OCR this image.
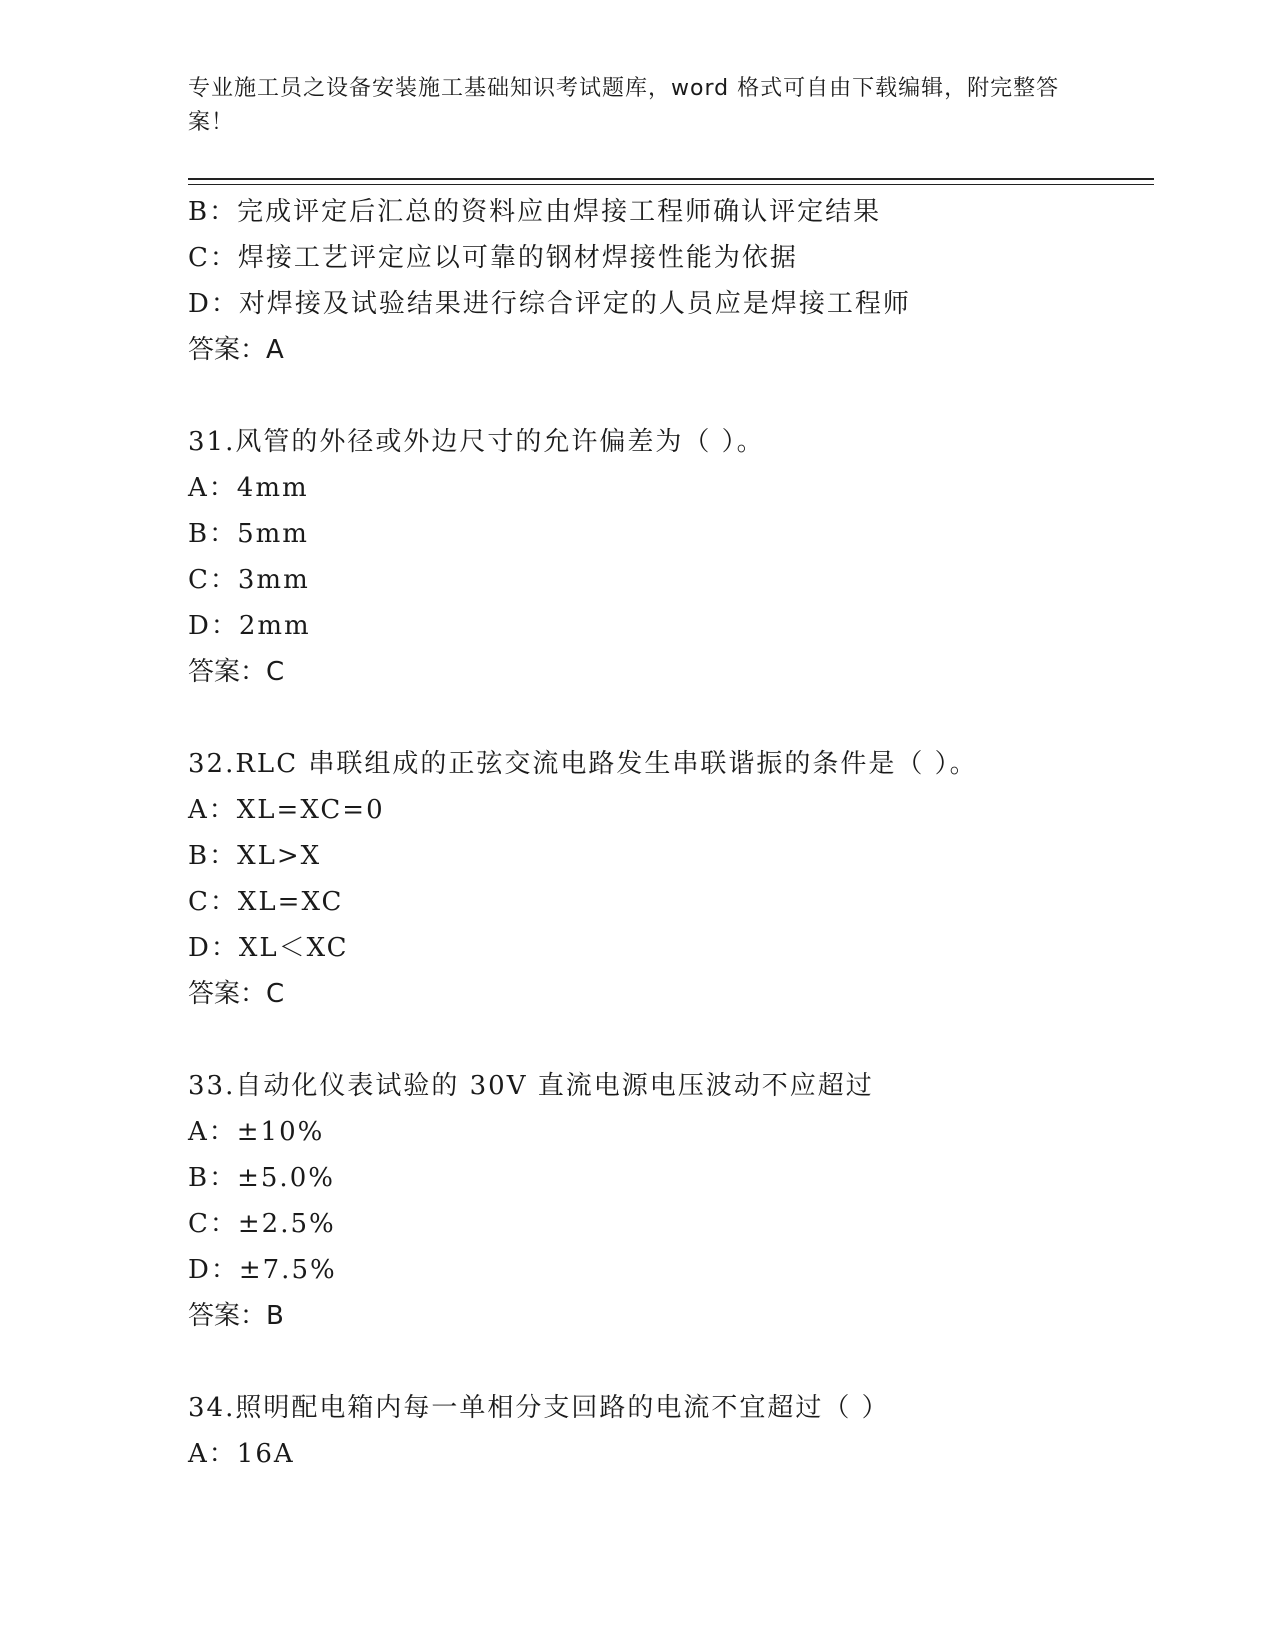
专业施工员之设备安装施工基础知识考试题库，word 格式可自由下载编辑，附完整答案！
B：完成评定后汇总的资料应由焊接工程师确认评定结果
C：焊接工艺评定应以可靠的钢材焊接性能为依据
D：对焊接及试验结果进行综合评定的人员应是焊接工程师
答案：A
31.风管的外径或外边尺寸的允许偏差为（ ）。
A：4mm
B：5mm
C：3mm
D：2mm
答案：C
32.RLC 串联组成的正弦交流电路发生串联谐振的条件是（ ）。
A：XL=XC=0
B：XL>X
C：XL=XC
D：XL＜XC
答案：C
33.自动化仪表试验的 30V 直流电源电压波动不应超过
A：±10%
B：±5.0%
C：±2.5%
D：±7.5%
答案：B
34.照明配电箱内每一单相分支回路的电流不宜超过（ ）
A：16A
